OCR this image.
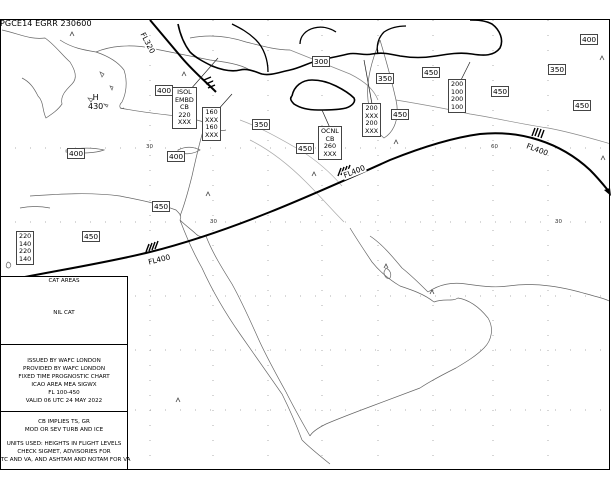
PGCE14 EGRR 230600
FL320
FL400
FL400
FL400
400
400
400	400
350
350
450
450
450
300
350
450
450
450
450
H
430
30
30	30
60
ISOL
EMBD
CB
220
XXX
OCNL
CB
260
XXX
160
XXX
160
XXX
200
XXX
200
XXX
200
100
200
100
220
140
220
140
CAT AREAS
NIL CAT
ISSUED BY WAFC LONDON
PROVIDED BY WAFC LONDON
FIXED TIME PROGNOSTIC CHART
ICAO AREA MEA SIGWX
FL 100-450
VALID 06 UTC 24 MAY 2022
CB IMPLIES TS, GR
MOD OR SEV TURB AND ICE
UNITS USED: HEIGHTS IN FLIGHT LEVELS
CHECK SIGMET, ADVISORIES FOR
TC AND VA, AND ASHTAM AND NOTAM FOR VA
